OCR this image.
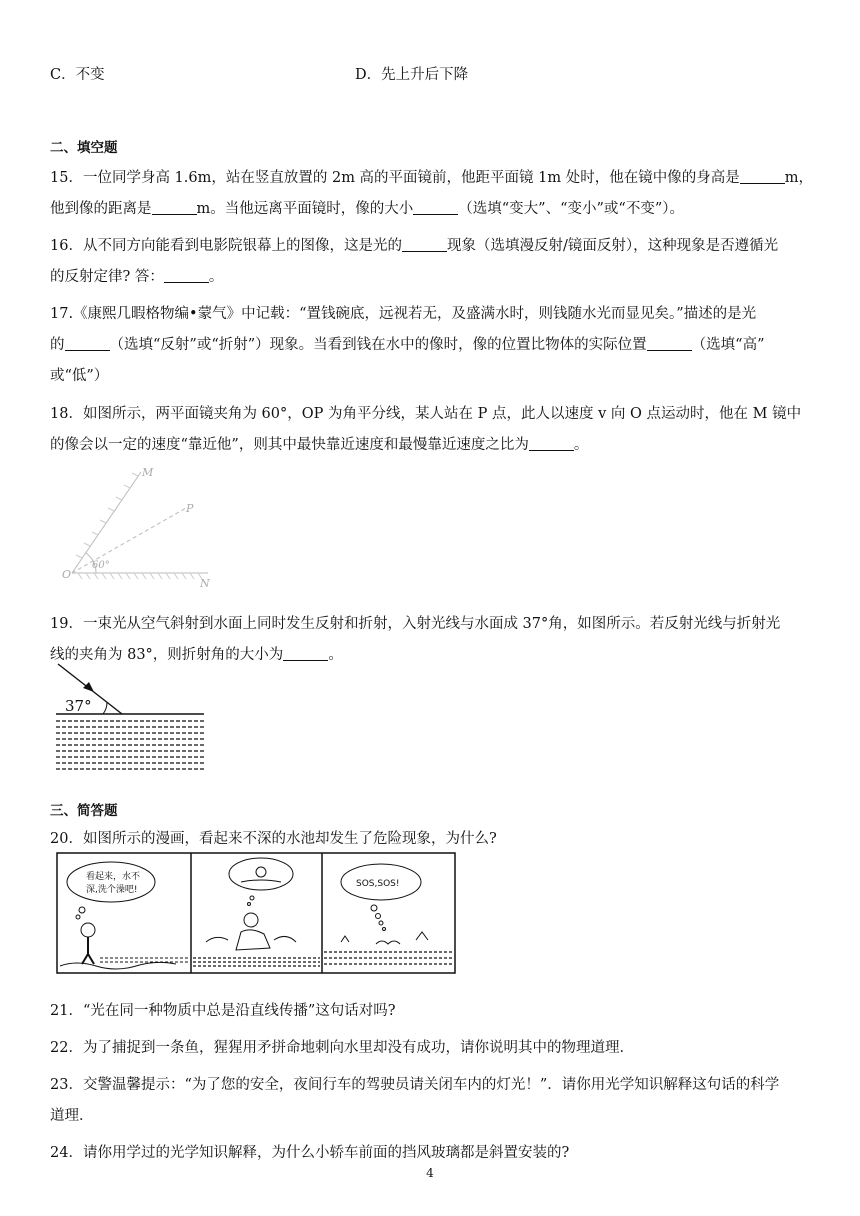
C．不变	D．先上升后下降
二、填空题
15．一位同学身高 1.6m，站在竖直放置的 2m 高的平面镜前，他距平面镜 1m 处时，他在镜中像的身高是	m，
他到像的距离是	m。当他远离平面镜时，像的大小	（选填“变大”、“变小”或“不变”）。
16．从不同方向能看到电影院银幕上的图像，这是光的	现象（选填漫反射/镜面反射），这种现象是否遵循光
的反射定律? 答：	。
17.《康熙几暇格物编•蒙气》中记载：“置钱碗底，远视若无，及盛满水时，则钱随水光而显见矣。”描述的是光
的	（选填“反射”或“折射”）现象。当看到钱在水中的像时，像的位置比物体的实际位置	（选填“高”
或“低”）
18．如图所示，两平面镜夹角为 60°，OP 为角平分线，某人站在 P 点，此人以速度 v 向 O 点运动时，他在 M 镜中
的像会以一定的速度“靠近他”，则其中最快靠近速度和最慢靠近速度之比为	。
M
P
O
N
60°
19．一束光从空气斜射到水面上同时发生反射和折射，入射光线与水面成 37°角，如图所示。若反射光线与折射光
线的夹角为 83°，则折射角的大小为	。
37°
三、简答题
20．如图所示的漫画，看起来不深的水池却发生了危险现象，为什么?
看起来，水不
深,洗个澡吧!
SOS,SOS!
21．“光在同一种物质中总是沿直线传播”这句话对吗?
22．为了捕捉到一条鱼，猩猩用矛拼命地刺向水里却没有成功，请你说明其中的物理道理．
23．交警温馨提示：“为了您的安全，夜间行车的驾驶员请关闭车内的灯光！”．请你用光学知识解释这句话的科学
道理．
24．请你用学过的光学知识解释，为什么小轿车前面的挡风玻璃都是斜置安装的?
4
